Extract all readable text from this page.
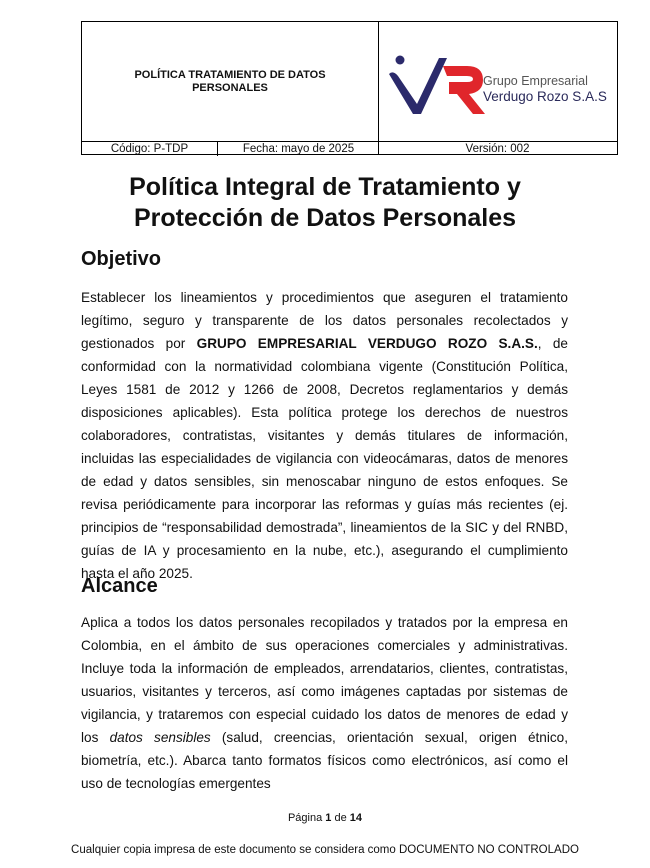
POLÍTICA TRATAMIENTO DE DATOS PERSONALES	Grupo Empresarial
Verdugo Rozo S.A.S
Código: P-TDP	Fecha: mayo de 2025	Versión: 002
Política Integral de Tratamiento y
Protección de Datos Personales
Objetivo

Establecer los lineamientos y procedimientos que aseguren el tratamiento legítimo, seguro y transparente de los datos personales recolectados y gestionados por GRUPO EMPRESARIAL VERDUGO ROZO S.A.S., de conformidad con la normatividad colombiana vigente (Constitución Política, Leyes 1581 de 2012 y 1266 de 2008, Decretos reglamentarios y demás disposiciones aplicables). Esta política protege los derechos de nuestros colaboradores, contratistas, visitantes y demás titulares de información, incluidas las especialidades de vigilancia con videocámaras, datos de menores de edad y datos sensibles, sin menoscabar ninguno de estos enfoques. Se revisa periódicamente para incorporar las reformas y guías más recientes (ej. principios de “responsabilidad demostrada”, lineamientos de la SIC y del RNBD, guías de IA y procesamiento en la nube, etc.), asegurando el cumplimiento hasta el año 2025.

Alcance

Aplica a todos los datos personales recopilados y tratados por la empresa en Colombia, en el ámbito de sus operaciones comerciales y administrativas. Incluye toda la información de empleados, arrendatarios, clientes, contratistas, usuarios, visitantes y terceros, así como imágenes captadas por sistemas de vigilancia, y trataremos con especial cuidado los datos de menores de edad y los datos sensibles (salud, creencias, orientación sexual, origen étnico, biometría, etc.). Abarca tanto formatos físicos como electrónicos, así como el uso de tecnologías emergentes

Página 1 de 14
Cualquier copia impresa de este documento se considera como DOCUMENTO NO CONTROLADO
